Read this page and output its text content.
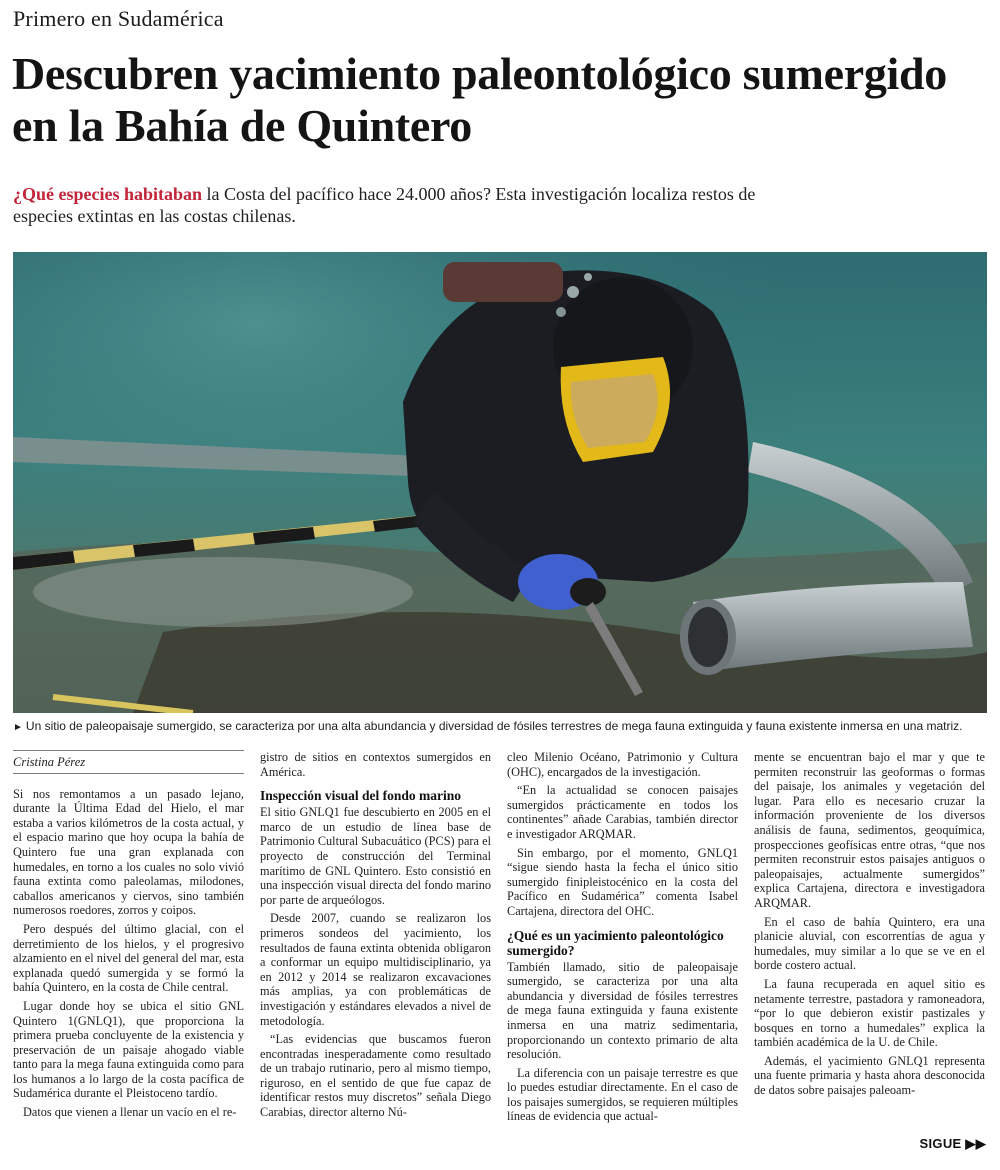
Primero en Sudamérica
Descubren yacimiento paleontológico sumergido en la Bahía de Quintero
¿Qué especies habitaban la Costa del pacífico hace 24.000 años? Esta investigación localiza restos de especies extintas en las costas chilenas.
► Un sitio de paleopaisaje sumergido, se caracteriza por una alta abundancia y diversidad de fósiles terrestres de mega fauna extinguida y fauna existente inmersa en una matriz.
Cristina Pérez

Si nos remontamos a un pasado lejano, durante la Última Edad del Hielo, el mar estaba a varios kilómetros de la costa actual, y el espacio marino que hoy ocupa la bahía de Quintero fue una gran explanada con humedales, en torno a los cuales no solo vivió fauna extinta como paleolamas, milodones, caballos americanos y ciervos, sino también numerosos roedores, zorros y coipos.

Pero después del último glacial, con el derretimiento de los hielos, y el progresivo alzamiento en el nivel del general del mar, esta explanada quedó sumergida y se formó la bahía Quintero, en la costa de Chile central.

Lugar donde hoy se ubica el sitio GNL Quintero 1(GNLQ1), que proporciona la primera prueba concluyente de la existencia y preservación de un paisaje ahogado viable tanto para la mega fauna extinguida como para los humanos a lo largo de la costa pacífica de Sudamérica durante el Pleistoceno tardío.

Datos que vienen a llenar un vacío en el re-

gistro de sitios en contextos sumergidos en América.

Inspección visual del fondo marino

El sitio GNLQ1 fue descubierto en 2005 en el marco de un estudio de línea base de Patrimonio Cultural Subacuático (PCS) para el proyecto de construcción del Terminal marítimo de GNL Quintero. Esto consistió en una inspección visual directa del fondo marino por parte de arqueólogos.

Desde 2007, cuando se realizaron los primeros sondeos del yacimiento, los resultados de fauna extinta obtenida obligaron a conformar un equipo multidisciplinario, ya en 2012 y 2014 se realizaron excavaciones más amplias, ya con problemáticas de investigación y estándares elevados a nivel de metodología.

“Las evidencias que buscamos fueron encontradas inesperadamente como resultado de un trabajo rutinario, pero al mismo tiempo, riguroso, en el sentido de que fue capaz de identificar restos muy discretos” señala Diego Carabias, director alterno Nú-

cleo Milenio Océano, Patrimonio y Cultura (OHC), encargados de la investigación.

“En la actualidad se conocen paisajes sumergidos prácticamente en todos los continentes” añade Carabias, también director e investigador ARQMAR.

Sin embargo, por el momento, GNLQ1 “sigue siendo hasta la fecha el único sitio sumergido finipleistocénico en la costa del Pacífico en Sudamérica” comenta Isabel Cartajena, directora del OHC.

¿Qué es un yacimiento paleontológico sumergido?

También llamado, sitio de paleopaisaje sumergido, se caracteriza por una alta abundancia y diversidad de fósiles terrestres de mega fauna extinguida y fauna existente inmersa en una matriz sedimentaria, proporcionando un contexto primario de alta resolución.

La diferencia con un paisaje terrestre es que lo puedes estudiar directamente. En el caso de los paisajes sumergidos, se requieren múltiples líneas de evidencia que actual-

mente se encuentran bajo el mar y que te permiten reconstruir las geoformas o formas del paisaje, los animales y vegetación del lugar. Para ello es necesario cruzar la información proveniente de los diversos análisis de fauna, sedimentos, geoquímica, prospecciones geofísicas entre otras, “que nos permiten reconstruir estos paisajes antiguos o paleopaisajes, actualmente sumergidos” explica Cartajena, directora e investigadora ARQMAR.

En el caso de bahía Quintero, era una planicie aluvial, con escorrentías de agua y humedales, muy similar a lo que se ve en el borde costero actual.

La fauna recuperada en aquel sitio es netamente terrestre, pastadora y ramoneadora, “por lo que debieron existir pastizales y bosques en torno a humedales” explica la también académica de la U. de Chile.

Además, el yacimiento GNLQ1 representa una fuente primaria y hasta ahora desconocida de datos sobre paisajes paleoam-

SIGUE ▶▶
